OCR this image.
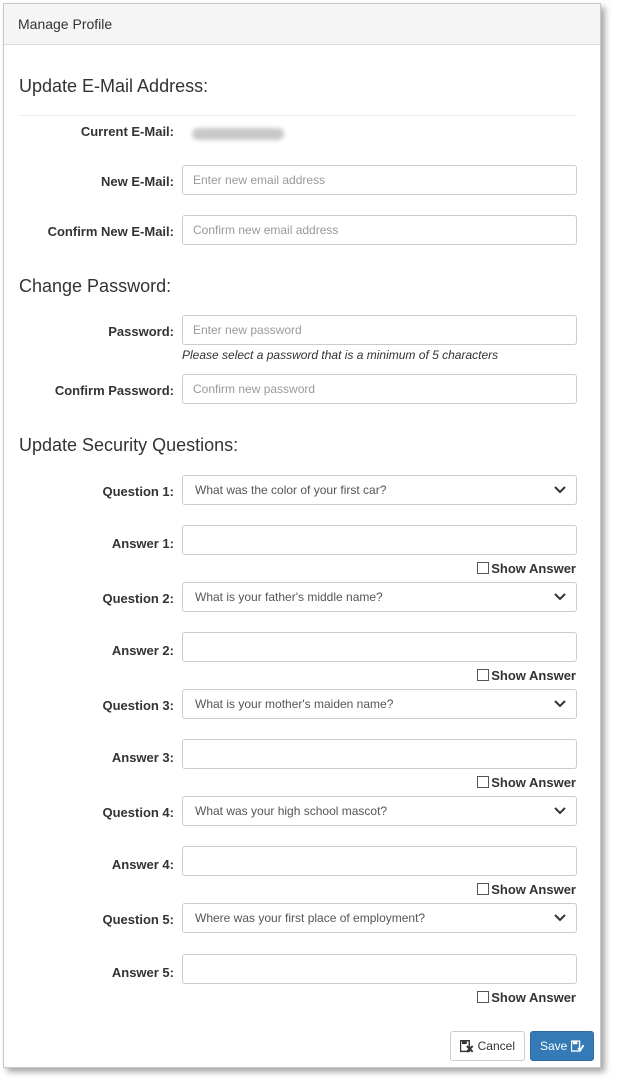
Manage Profile
Update E-Mail Address:
Current E-Mail:
New E-Mail:
Enter new email address
Confirm New E-Mail:
Confirm new email address
Change Password:
Password:
Please select a password that is a minimum of 5 characters
Confirm Password:
Update Security Questions:
Question 1:	What was the color of your first car?
Answer 1:
Show Answer
Question 2:	What is your father's middle name?
Answer 2:
Show Answer
Question 3:	What is your mother's maiden name?
Answer 3:
Show Answer
Question 4:	What was your high school mascot?
Answer 4:
Show Answer
Question 5:	Where was your first place of employment?
Answer 5:
Show Answer
Cancel Save
